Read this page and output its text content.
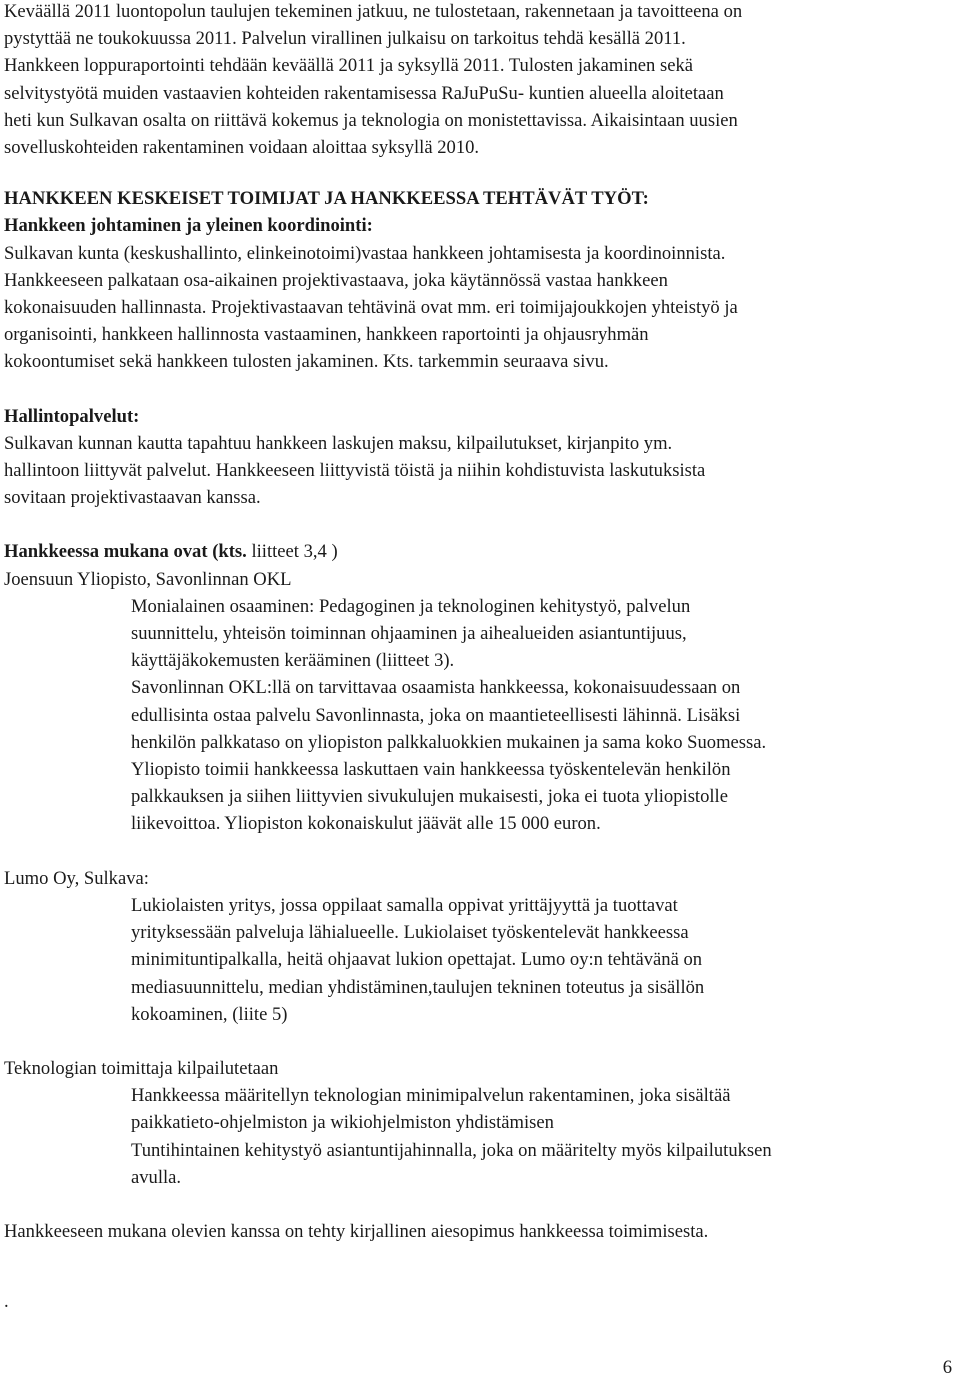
Keväällä 2011 luontopolun taulujen tekeminen jatkuu, ne tulostetaan, rakennetaan ja tavoitteena on

pystyttää ne toukokuussa 2011. Palvelun virallinen julkaisu on tarkoitus tehdä kesällä 2011.

Hankkeen loppuraportointi tehdään keväällä 2011 ja syksyllä 2011. Tulosten jakaminen sekä

selvitystyötä muiden vastaavien kohteiden rakentamisessa RaJuPuSu- kuntien alueella aloitetaan

heti kun Sulkavan osalta on riittävä kokemus ja teknologia on monistettavissa. Aikaisintaan uusien

sovelluskohteiden rakentaminen voidaan aloittaa syksyllä 2010.

HANKKEEN KESKEISET TOIMIJAT JA HANKKEESSA TEHTÄVÄT TYÖT:

Hankkeen johtaminen ja yleinen koordinointi:

Sulkavan kunta (keskushallinto, elinkeinotoimi)vastaa hankkeen johtamisesta ja koordinoinnista.

Hankkeeseen palkataan osa-aikainen projektivastaava, joka käytännössä vastaa hankkeen

kokonaisuuden hallinnasta. Projektivastaavan tehtävinä ovat mm. eri toimijajoukkojen yhteistyö ja

organisointi, hankkeen hallinnosta vastaaminen, hankkeen raportointi ja ohjausryhmän

kokoontumiset sekä hankkeen tulosten jakaminen. Kts. tarkemmin seuraava sivu.

Hallintopalvelut:

Sulkavan kunnan kautta tapahtuu hankkeen laskujen maksu, kilpailutukset, kirjanpito ym.

hallintoon liittyvät palvelut. Hankkeeseen liittyvistä töistä ja niihin kohdistuvista laskutuksista

sovitaan projektivastaavan kanssa.

Hankkeessa mukana ovat (kts. liitteet 3,4 )

Joensuun Yliopisto, Savonlinnan OKL

Monialainen osaaminen: Pedagoginen ja teknologinen kehitystyö, palvelun

suunnittelu, yhteisön toiminnan ohjaaminen ja aihealueiden asiantuntijuus,

käyttäjäkokemusten kerääminen (liitteet 3).

Savonlinnan OKL:llä on tarvittavaa osaamista hankkeessa, kokonaisuudessaan on

edullisinta ostaa palvelu Savonlinnasta, joka on maantieteellisesti lähinnä. Lisäksi

henkilön palkkataso on yliopiston palkkaluokkien mukainen ja sama koko Suomessa.

Yliopisto toimii hankkeessa laskuttaen vain hankkeessa työskentelevän henkilön

palkkauksen ja siihen liittyvien sivukulujen mukaisesti, joka ei tuota yliopistolle

liikevoittoa. Yliopiston kokonaiskulut jäävät alle 15 000 euron.

Lumo Oy, Sulkava:

Lukiolaisten yritys, jossa oppilaat samalla oppivat yrittäjyyttä ja tuottavat

yrityksessään palveluja lähialueelle. Lukiolaiset työskentelevät hankkeessa

minimituntipalkalla, heitä ohjaavat lukion opettajat. Lumo oy:n tehtävänä on

mediasuunnittelu, median yhdistäminen,taulujen tekninen toteutus ja sisällön

kokoaminen, (liite 5)

Teknologian toimittaja kilpailutetaan

Hankkeessa määritellyn teknologian minimipalvelun rakentaminen, joka sisältää

paikkatieto-ohjelmiston ja wikiohjelmiston yhdistämisen

Tuntihintainen kehitystyö asiantuntijahinnalla, joka on määritelty myös kilpailutuksen

avulla.

Hankkeeseen mukana olevien kanssa on tehty kirjallinen aiesopimus hankkeessa toimimisesta.

.
6
